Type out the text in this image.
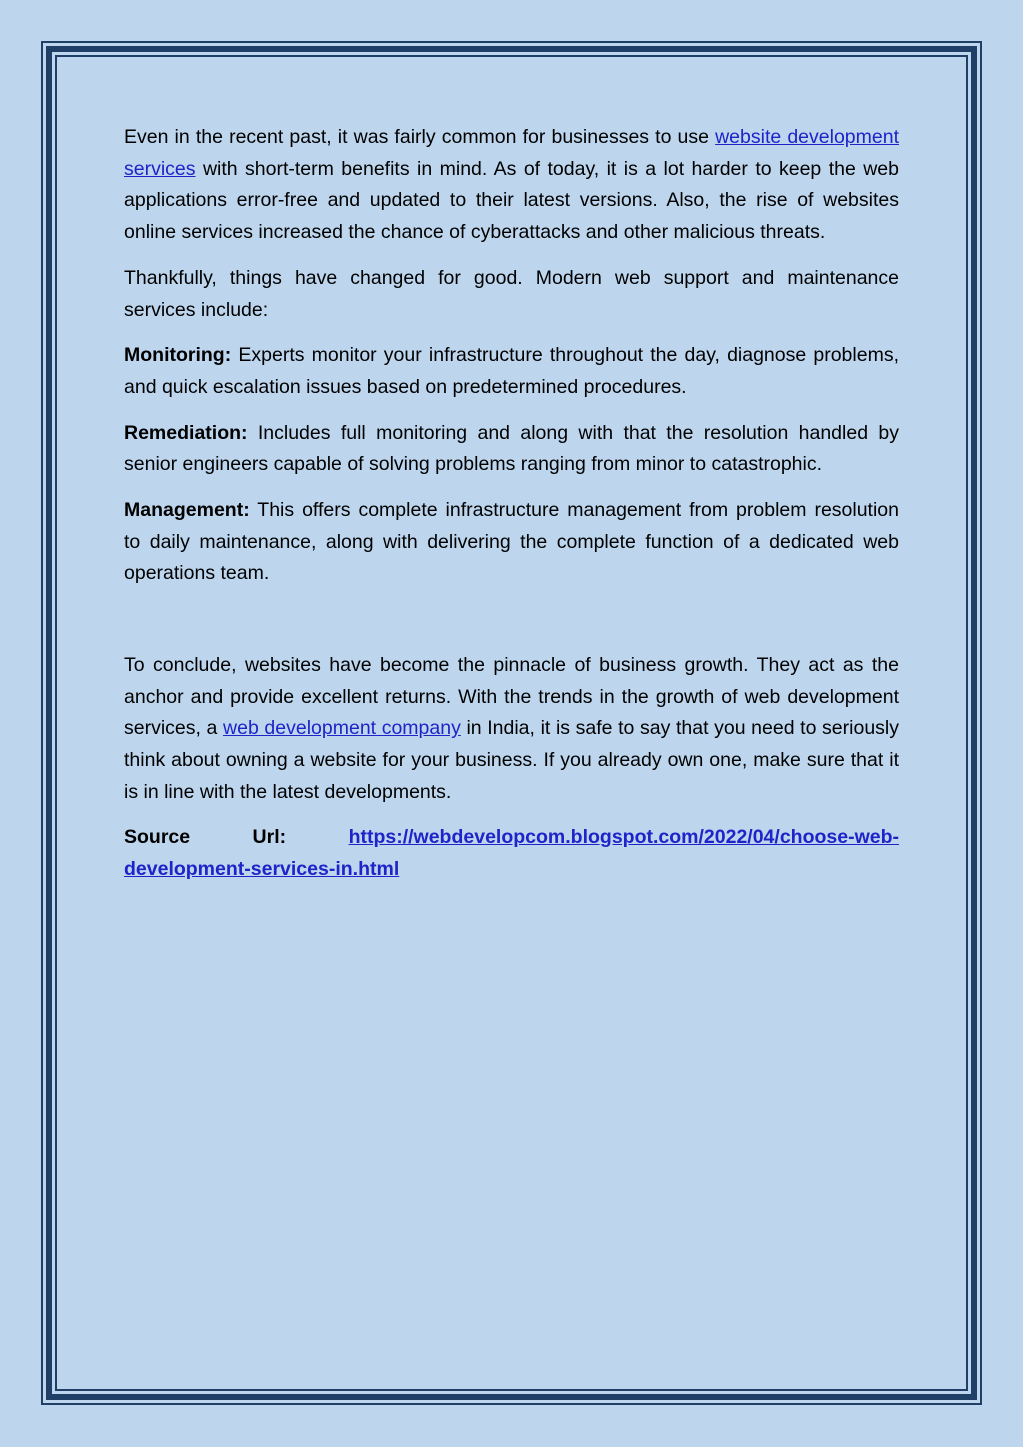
Even in the recent past, it was fairly common for businesses to use website development services with short-term benefits in mind. As of today, it is a lot harder to keep the web applications error-free and updated to their latest versions. Also, the rise of websites online services increased the chance of cyberattacks and other malicious threats.

Thankfully, things have changed for good. Modern web support and maintenance services include:

Monitoring: Experts monitor your infrastructure throughout the day, diagnose problems, and quick escalation issues based on predetermined procedures.

Remediation: Includes full monitoring and along with that the resolution handled by senior engineers capable of solving problems ranging from minor to catastrophic.

Management: This offers complete infrastructure management from problem resolution to daily maintenance, along with delivering the complete function of a dedicated web operations team.

To conclude, websites have become the pinnacle of business growth. They act as the anchor and provide excellent returns. With the trends in the growth of web development services, a web development company in India, it is safe to say that you need to seriously think about owning a website for your business. If you already own one, make sure that it is in line with the latest developments.

Source Url:	https://webdevelopcom.blogspot.com/2022/04/choose-web-development-services-in.html
